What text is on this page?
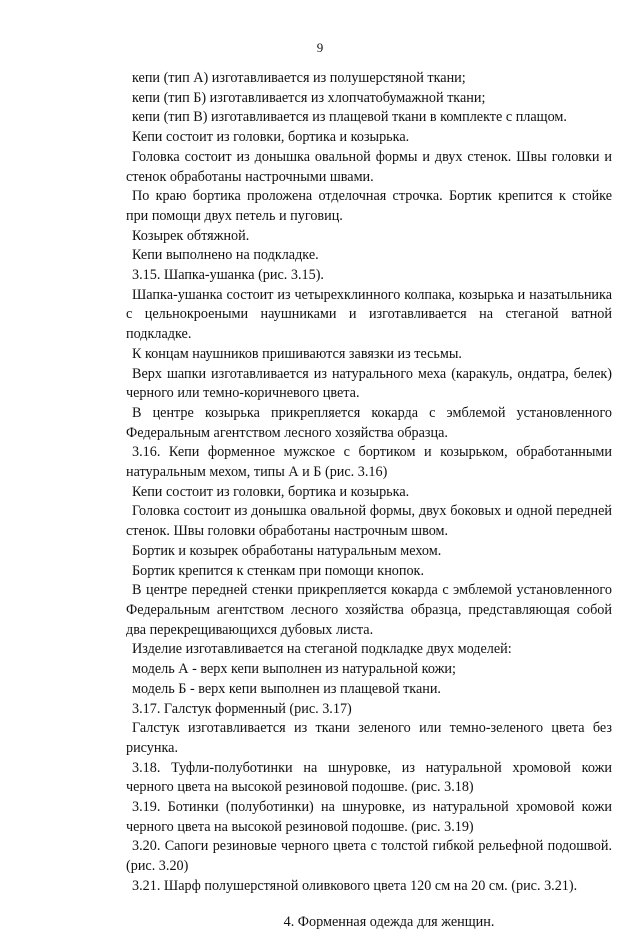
9

кепи (тип А) изготавливается из полушерстяной ткани;

кепи (тип Б) изготавливается из хлопчатобумажной ткани;

кепи (тип В) изготавливается из плащевой ткани в комплекте с плащом.

Кепи состоит из головки, бортика и козырька.

Головка состоит из донышка овальной формы и двух стенок. Швы головки и стенок обработаны настрочными швами.

По краю бортика проложена отделочная строчка. Бортик крепится к стойке при помощи двух петель и пуговиц.

Козырек обтяжной.

Кепи выполнено на подкладке.

3.15. Шапка-ушанка (рис. 3.15).

Шапка-ушанка состоит из четырехклинного колпака, козырька и назатыльника с цельнокроеными наушниками и изготавливается на стеганой ватной подкладке.

К концам наушников пришиваются завязки из тесьмы.

Верх шапки изготавливается из натурального меха (каракуль, ондатра, белек) черного или темно-коричневого цвета.

В центре козырька прикрепляется кокарда с эмблемой установленного Федеральным агентством лесного хозяйства образца.

3.16. Кепи форменное мужское с бортиком и козырьком, обработанными натуральным мехом, типы А и Б (рис. 3.16)

Кепи состоит из головки, бортика и козырька.

Головка состоит из донышка овальной формы, двух боковых и одной передней стенок. Швы головки обработаны настрочным швом.

Бортик и козырек обработаны натуральным мехом.

Бортик крепится к стенкам при помощи кнопок.

В центре передней стенки прикрепляется кокарда с эмблемой установленного Федеральным агентством лесного хозяйства образца, представляющая собой два перекрещивающихся дубовых листа.

Изделие изготавливается на стеганой подкладке двух моделей:

модель А - верх кепи выполнен из натуральной кожи;

модель Б - верх кепи выполнен из плащевой ткани.

3.17. Галстук форменный (рис. 3.17)

Галстук изготавливается из ткани зеленого или темно-зеленого цвета без рисунка.

3.18. Туфли-полуботинки на шнуровке, из натуральной хромовой кожи черного цвета на высокой резиновой подошве. (рис. 3.18)

3.19. Ботинки (полуботинки) на шнуровке, из натуральной хромовой кожи черного цвета на высокой резиновой подошве. (рис. 3.19)

3.20. Сапоги резиновые черного цвета с толстой гибкой рельефной подошвой. (рис. 3.20)

3.21. Шарф полушерстяной оливкового цвета 120 см на 20 см. (рис. 3.21).

4. Форменная одежда для женщин.
